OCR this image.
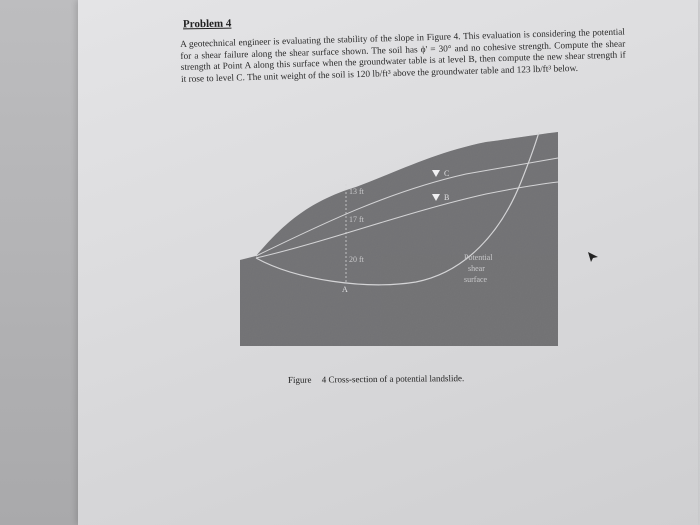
Problem 4
A geotechnical engineer is evaluating the stability of the slope in Figure 4. This evaluation is considering the potential for a shear failure along the shear surface shown. The soil has ϕ' = 30° and no cohesive strength. Compute the shear strength at Point A along this surface when the groundwater table is at level B, then compute the new shear strength if it rose to level C. The unit weight of the soil is 120 lb/ft³ above the groundwater table and 123 lb/ft³ below.
13 ft
17 ft
20 ft
A
C
B
Potential
shear
surface
Figure 4 Cross-section of a potential landslide.
